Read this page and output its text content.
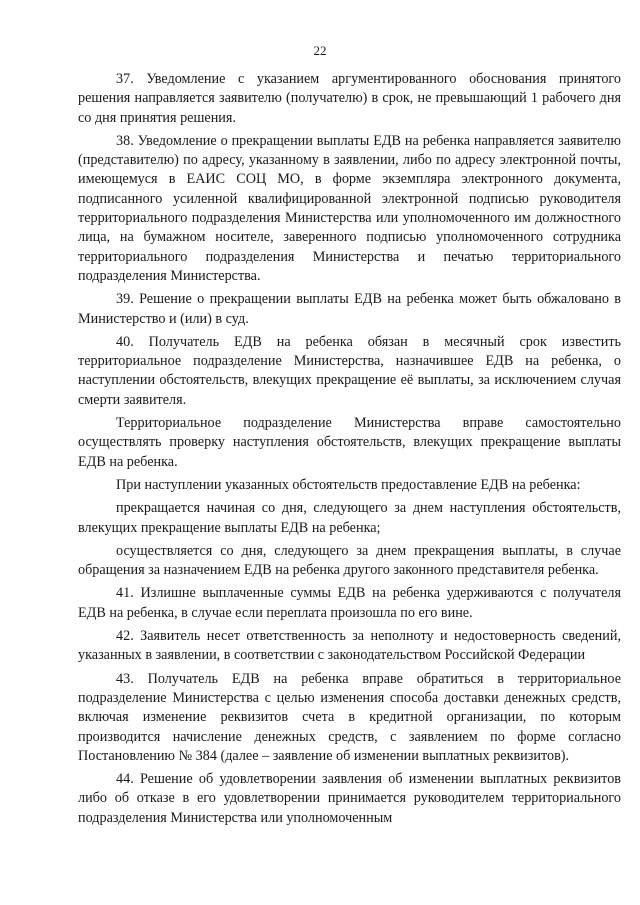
22

37. Уведомление с указанием аргументированного обоснования принятого решения направляется заявителю (получателю) в срок, не превышающий 1 рабочего дня со дня принятия решения.

38. Уведомление о прекращении выплаты ЕДВ на ребенка направляется заявителю (представителю) по адресу, указанному в заявлении, либо по адресу электронной почты, имеющемуся в ЕАИС СОЦ МО, в форме экземпляра электронного документа, подписанного усиленной квалифицированной электронной подписью руководителя территориального подразделения Министерства или уполномоченного им должностного лица, на бумажном носителе, заверенного подписью уполномоченного сотрудника территориального подразделения Министерства и печатью территориального подразделения Министерства.

39. Решение о прекращении выплаты ЕДВ на ребенка может быть обжаловано в Министерство и (или) в суд.

40. Получатель ЕДВ на ребенка обязан в месячный срок известить территориальное подразделение Министерства, назначившее ЕДВ на ребенка, о наступлении обстоятельств, влекущих прекращение её выплаты, за исключением случая смерти заявителя.

Территориальное подразделение Министерства вправе самостоятельно осуществлять проверку наступления обстоятельств, влекущих прекращение выплаты ЕДВ на ребенка.

При наступлении указанных обстоятельств предоставление ЕДВ на ребенка:

прекращается начиная со дня, следующего за днем наступления обстоятельств, влекущих прекращение выплаты ЕДВ на ребенка;

осуществляется со дня, следующего за днем прекращения выплаты, в случае обращения за назначением ЕДВ на ребенка другого законного представителя ребенка.

41. Излишне выплаченные суммы ЕДВ на ребенка удерживаются с получателя ЕДВ на ребенка, в случае если переплата произошла по его вине.

42. Заявитель несет ответственность за неполноту и недостоверность сведений, указанных в заявлении, в соответствии с законодательством Российской Федерации

43. Получатель ЕДВ на ребенка вправе обратиться в территориальное подразделение Министерства с целью изменения способа доставки денежных средств, включая изменение реквизитов счета в кредитной организации, по которым производится начисление денежных средств, с заявлением по форме согласно Постановлению № 384 (далее – заявление об изменении выплатных реквизитов).

44. Решение об удовлетворении заявления об изменении выплатных реквизитов либо об отказе в его удовлетворении принимается руководителем территориального подразделения Министерства или уполномоченным
